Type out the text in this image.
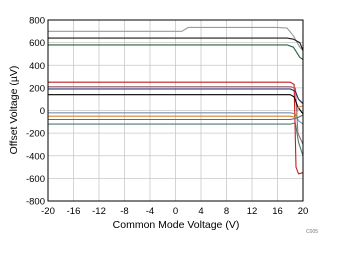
-20 -16 -12 -8 -4 0 4 8 12 16 20
800
600
400
200
0
-200
-400
-600
-800
Common Mode Voltage (V)
Offset Voltage (µV)
C005
